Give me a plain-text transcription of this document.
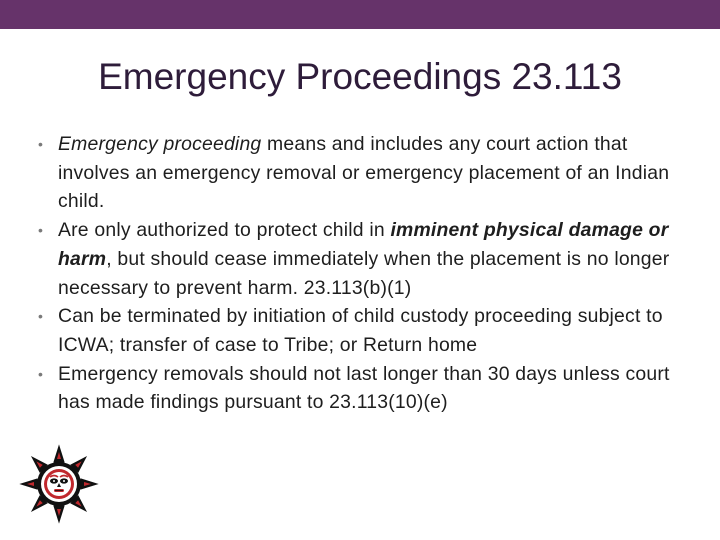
Emergency Proceedings 23.113
• Emergency proceeding means and includes any court action that involves an emergency removal or emergency placement of an Indian child.
• Are only authorized to protect child in imminent physical damage or harm, but should cease immediately when the placement is no longer necessary to prevent harm. 23.113(b)(1)
• Can be terminated by initiation of child custody proceeding subject to ICWA; transfer of case to Tribe; or Return home
• Emergency removals should not last longer than 30 days unless court has made findings pursuant to 23.113(10)(e)
